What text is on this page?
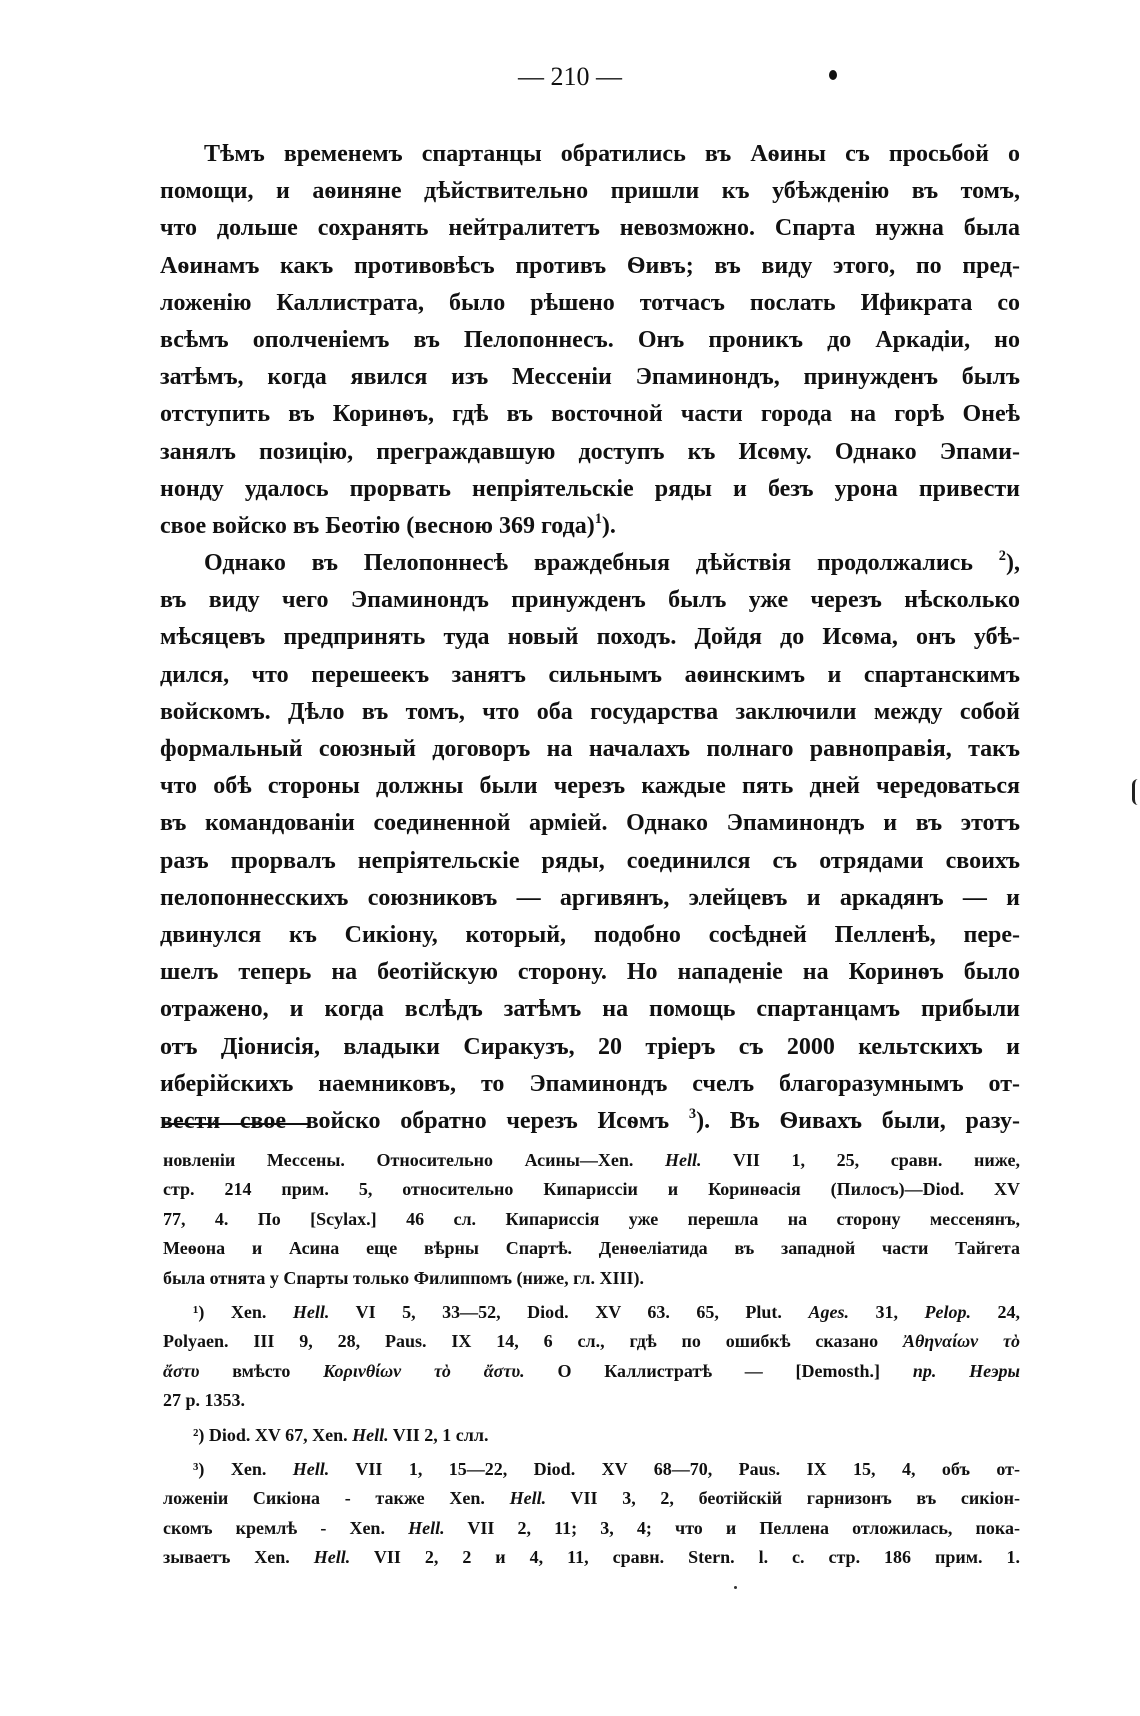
— 210 —
Тѣмъ временемъ спартанцы обратились въ Аѳины съ просьбой о
помощи, и аѳиняне дѣйствительно пришли къ убѣжденію въ томъ,
что дольше сохранять нейтралитетъ невозможно. Спарта нужна была
Аѳинамъ какъ противовѣсъ противъ Ѳивъ; въ виду этого, по пред-
ложенію Каллистрата, было рѣшено тотчасъ послать Ификрата со
всѣмъ ополченіемъ въ Пелопоннесъ. Онъ проникъ до Аркадіи, но
затѣмъ, когда явился изъ Мессеніи Эпаминондъ, принужденъ былъ
отступить въ Коринѳъ, гдѣ въ восточной части города на горѣ Онеѣ
занялъ позицію, преграждавшую доступъ къ Исѳму. Однако Эпами-
нонду удалось прорвать непріятельскіе ряды и безъ урона привести
свое войско въ Беотію (весною 369 года)$^1$).
Однако въ Пелопоннесѣ враждебныя дѣйствія продолжались $^2$),
въ виду чего Эпаминондъ принужденъ былъ уже черезъ нѣсколько
мѣсяцевъ предпринять туда новый походъ. Дойдя до Исѳма, онъ убѣ-
дился, что перешеекъ занятъ сильнымъ аѳинскимъ и спартанскимъ
войскомъ. Дѣло въ томъ, что оба государства заключили между собой
формальный союзный договоръ на началахъ полнаго равноправія, такъ
что обѣ стороны должны были черезъ каждые пять дней чередоваться
въ командованіи соединенной арміей. Однако Эпаминондъ и въ этотъ
разъ прорвалъ непріятельскіе ряды, соединился съ отрядами своихъ
пелопоннесскихъ союзниковъ — аргивянъ, элейцевъ и аркадянъ — и
двинулся къ Сикіону, который, подобно сосѣдней Пелленѣ, пере-
шелъ теперь на беотійскую сторону. Но нападеніе на Коринѳъ было
отражено, и когда вслѣдъ затѣмъ на помощь спартанцамъ прибыли
отъ Діонисія, владыки Сиракузъ, 20 тріеръ съ 2000 кельтскихъ и
иберійскихъ наемниковъ, то Эпаминондъ счелъ благоразумнымъ от-
вести свое войско обратно черезъ Исѳмъ $^3$). Въ Ѳивахъ были, разу-
новленіи Мессены. Относительно Асины—Xen. Hell. VII 1, 25, сравн. ниже,
стр. 214 прим. 5, относительно Кипариссіи и Коринѳасія (Пилосъ)—Diod. XV
77, 4. По [Scylax.] 46 сл. Кипариссія уже перешла на сторону мессенянъ,
Меѳона и Асина еще вѣрны Спартѣ. Денѳеліатида въ западной части Тайгета
была отнята у Спарты только Филиппомъ (ниже, гл. XIII).
¹) Xen. Hell. VI 5, 33—52, Diod. XV 63. 65, Plut. Ages. 31, Pelop. 24,
Polyaen. III 9, 28, Paus. IX 14, 6 сл., гдѣ по ошибкѣ сказано Ἀθηναίων τὸ
ἄστυ вмѣсто Κορινθίων τὸ ἄστυ. О Каллистратѣ — [Demosth.] пр. Неэры
27 p. 1353.
²) Diod. XV 67, Xen. Hell. VII 2, 1 слл.
³) Xen. Hell. VII 1, 15—22, Diod. XV 68—70, Paus. IX 15, 4, объ от-
ложеніи Сикіона - также Xen. Hell. VII 3, 2, беотійскій гарнизонъ въ сикіон-
скомъ кремлѣ - Xen. Hell. VII 2, 11; 3, 4; что и Пеллена отложилась, пока-
зываетъ Xen. Hell. VII 2, 2 и 4, 11, сравн. Stern. l. c. стр. 186 прим. 1.
